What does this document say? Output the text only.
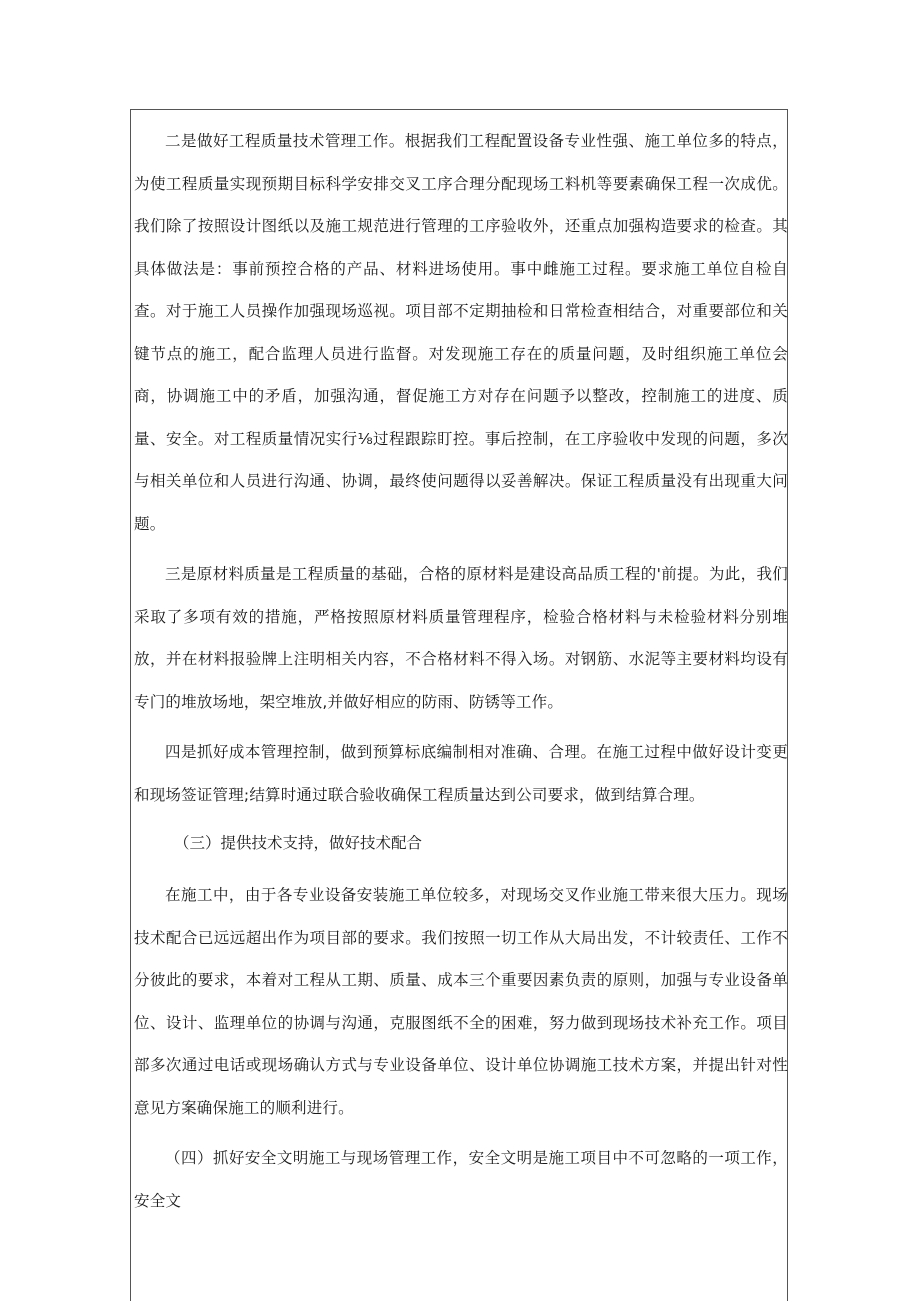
二是做好工程质量技术管理工作。根据我们工程配置设备专业性强、施工单位多的特点，为使工程质量实现预期目标科学安排交叉工序合理分配现场工料机等要素确保工程一次成优。我们除了按照设计图纸以及施工规范进行管理的工序验收外，还重点加强构造要求的检查。其具体做法是：事前预控合格的产品、材料进场使用。事中雌施工过程。要求施工单位自检自查。对于施工人员操作加强现场巡视。项目部不定期抽检和日常检查相结合，对重要部位和关键节点的施工，配合监理人员进行监督。对发现施工存在的质量问题，及时组织施工单位会商，协调施工中的矛盾，加强沟通，督促施工方对存在问题予以整改，控制施工的进度、质量、安全。对工程质量情况实行⅛过程跟踪盯控。事后控制，在工序验收中发现的问题，多次与相关单位和人员进行沟通、协调，最终使问题得以妥善解决。保证工程质量没有出现重大问题。

三是原材料质量是工程质量的基础，合格的原材料是建设高品质工程的'前提。为此，我们采取了多项有效的措施，严格按照原材料质量管理程序，检验合格材料与未检验材料分别堆放，并在材料报验牌上注明相关内容，不合格材料不得入场。对钢筋、水泥等主要材料均设有专门的堆放场地，架空堆放,并做好相应的防雨、防锈等工作。

四是抓好成本管理控制，做到预算标底编制相对准确、合理。在施工过程中做好设计变更和现场签证管理;结算时通过联合验收确保工程质量达到公司要求，做到结算合理。

（三）提供技术支持，做好技术配合

在施工中，由于各专业设备安装施工单位较多，对现场交叉作业施工带来很大压力。现场技术配合已远远超出作为项目部的要求。我们按照一切工作从大局出发，不计较责任、工作不分彼此的要求，本着对工程从工期、质量、成本三个重要因素负责的原则，加强与专业设备单位、设计、监理单位的协调与沟通，克服图纸不全的困难，努力做到现场技术补充工作。项目部多次通过电话或现场确认方式与专业设备单位、设计单位协调施工技术方案，并提出针对性意见方案确保施工的顺利进行。

（四）抓好安全文明施工与现场管理工作，安全文明是施工项目中不可忽略的一项工作，安全文
